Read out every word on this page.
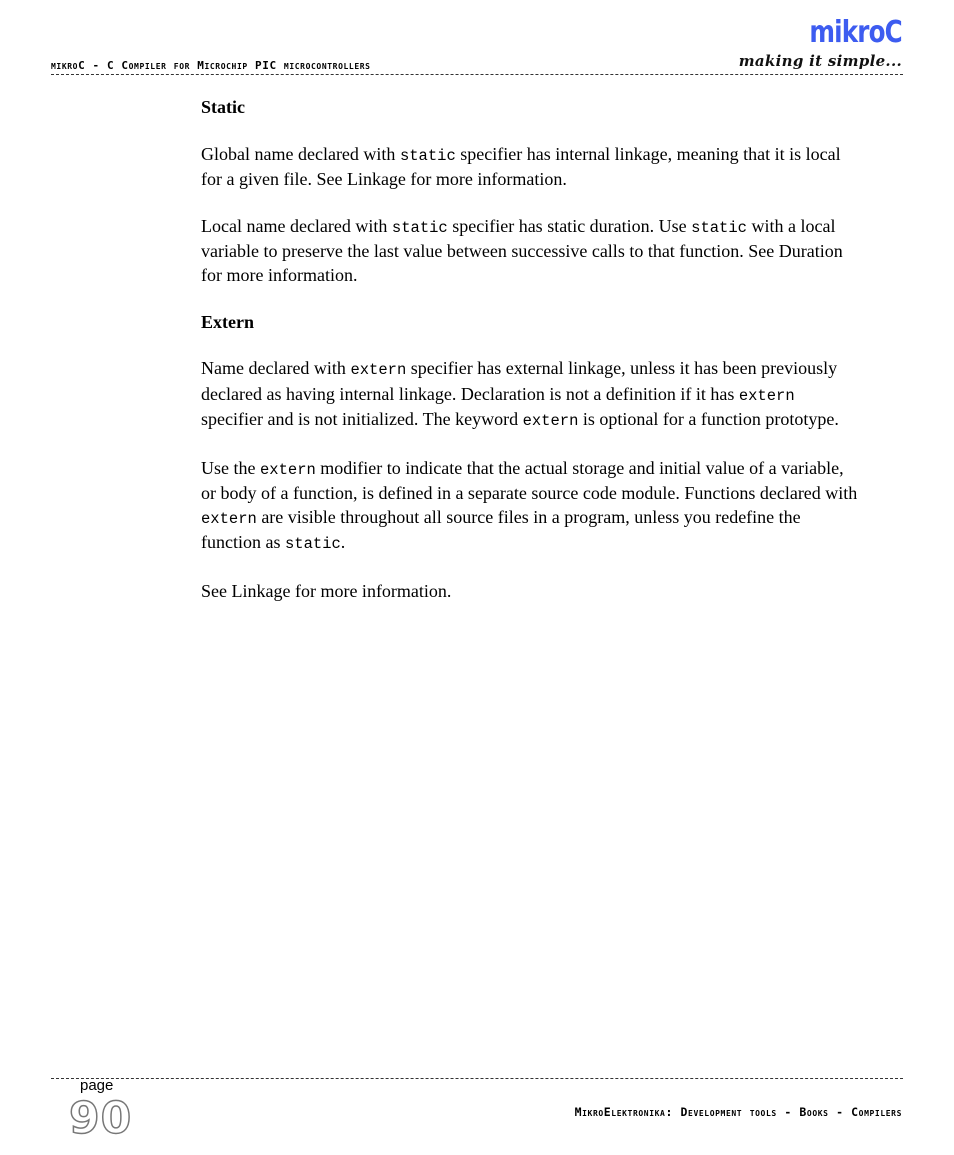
mikroC - C Compiler for Microchip PIC microcontrollers
mikroC
making it simple...
Static

Global name declared with static specifier has internal linkage, meaning that it is local for a given file. See Linkage for more information.

Local name declared with static specifier has static duration. Use static with a local variable to preserve the last value between successive calls to that function. See Duration for more information.

Extern

Name declared with extern specifier has external linkage, unless it has been previously declared as having internal linkage. Declaration is not a definition if it has extern specifier and is not initialized. The keyword extern is optional for a function prototype.

Use the extern modifier to indicate that the actual storage and initial value of a variable, or body of a function, is defined in a separate source code module. Functions declared with extern are visible throughout all source files in a program, unless you redefine the function as static.

See Linkage for more information.

page
90	MikroElektronika: Development tools - Books - Compilers
